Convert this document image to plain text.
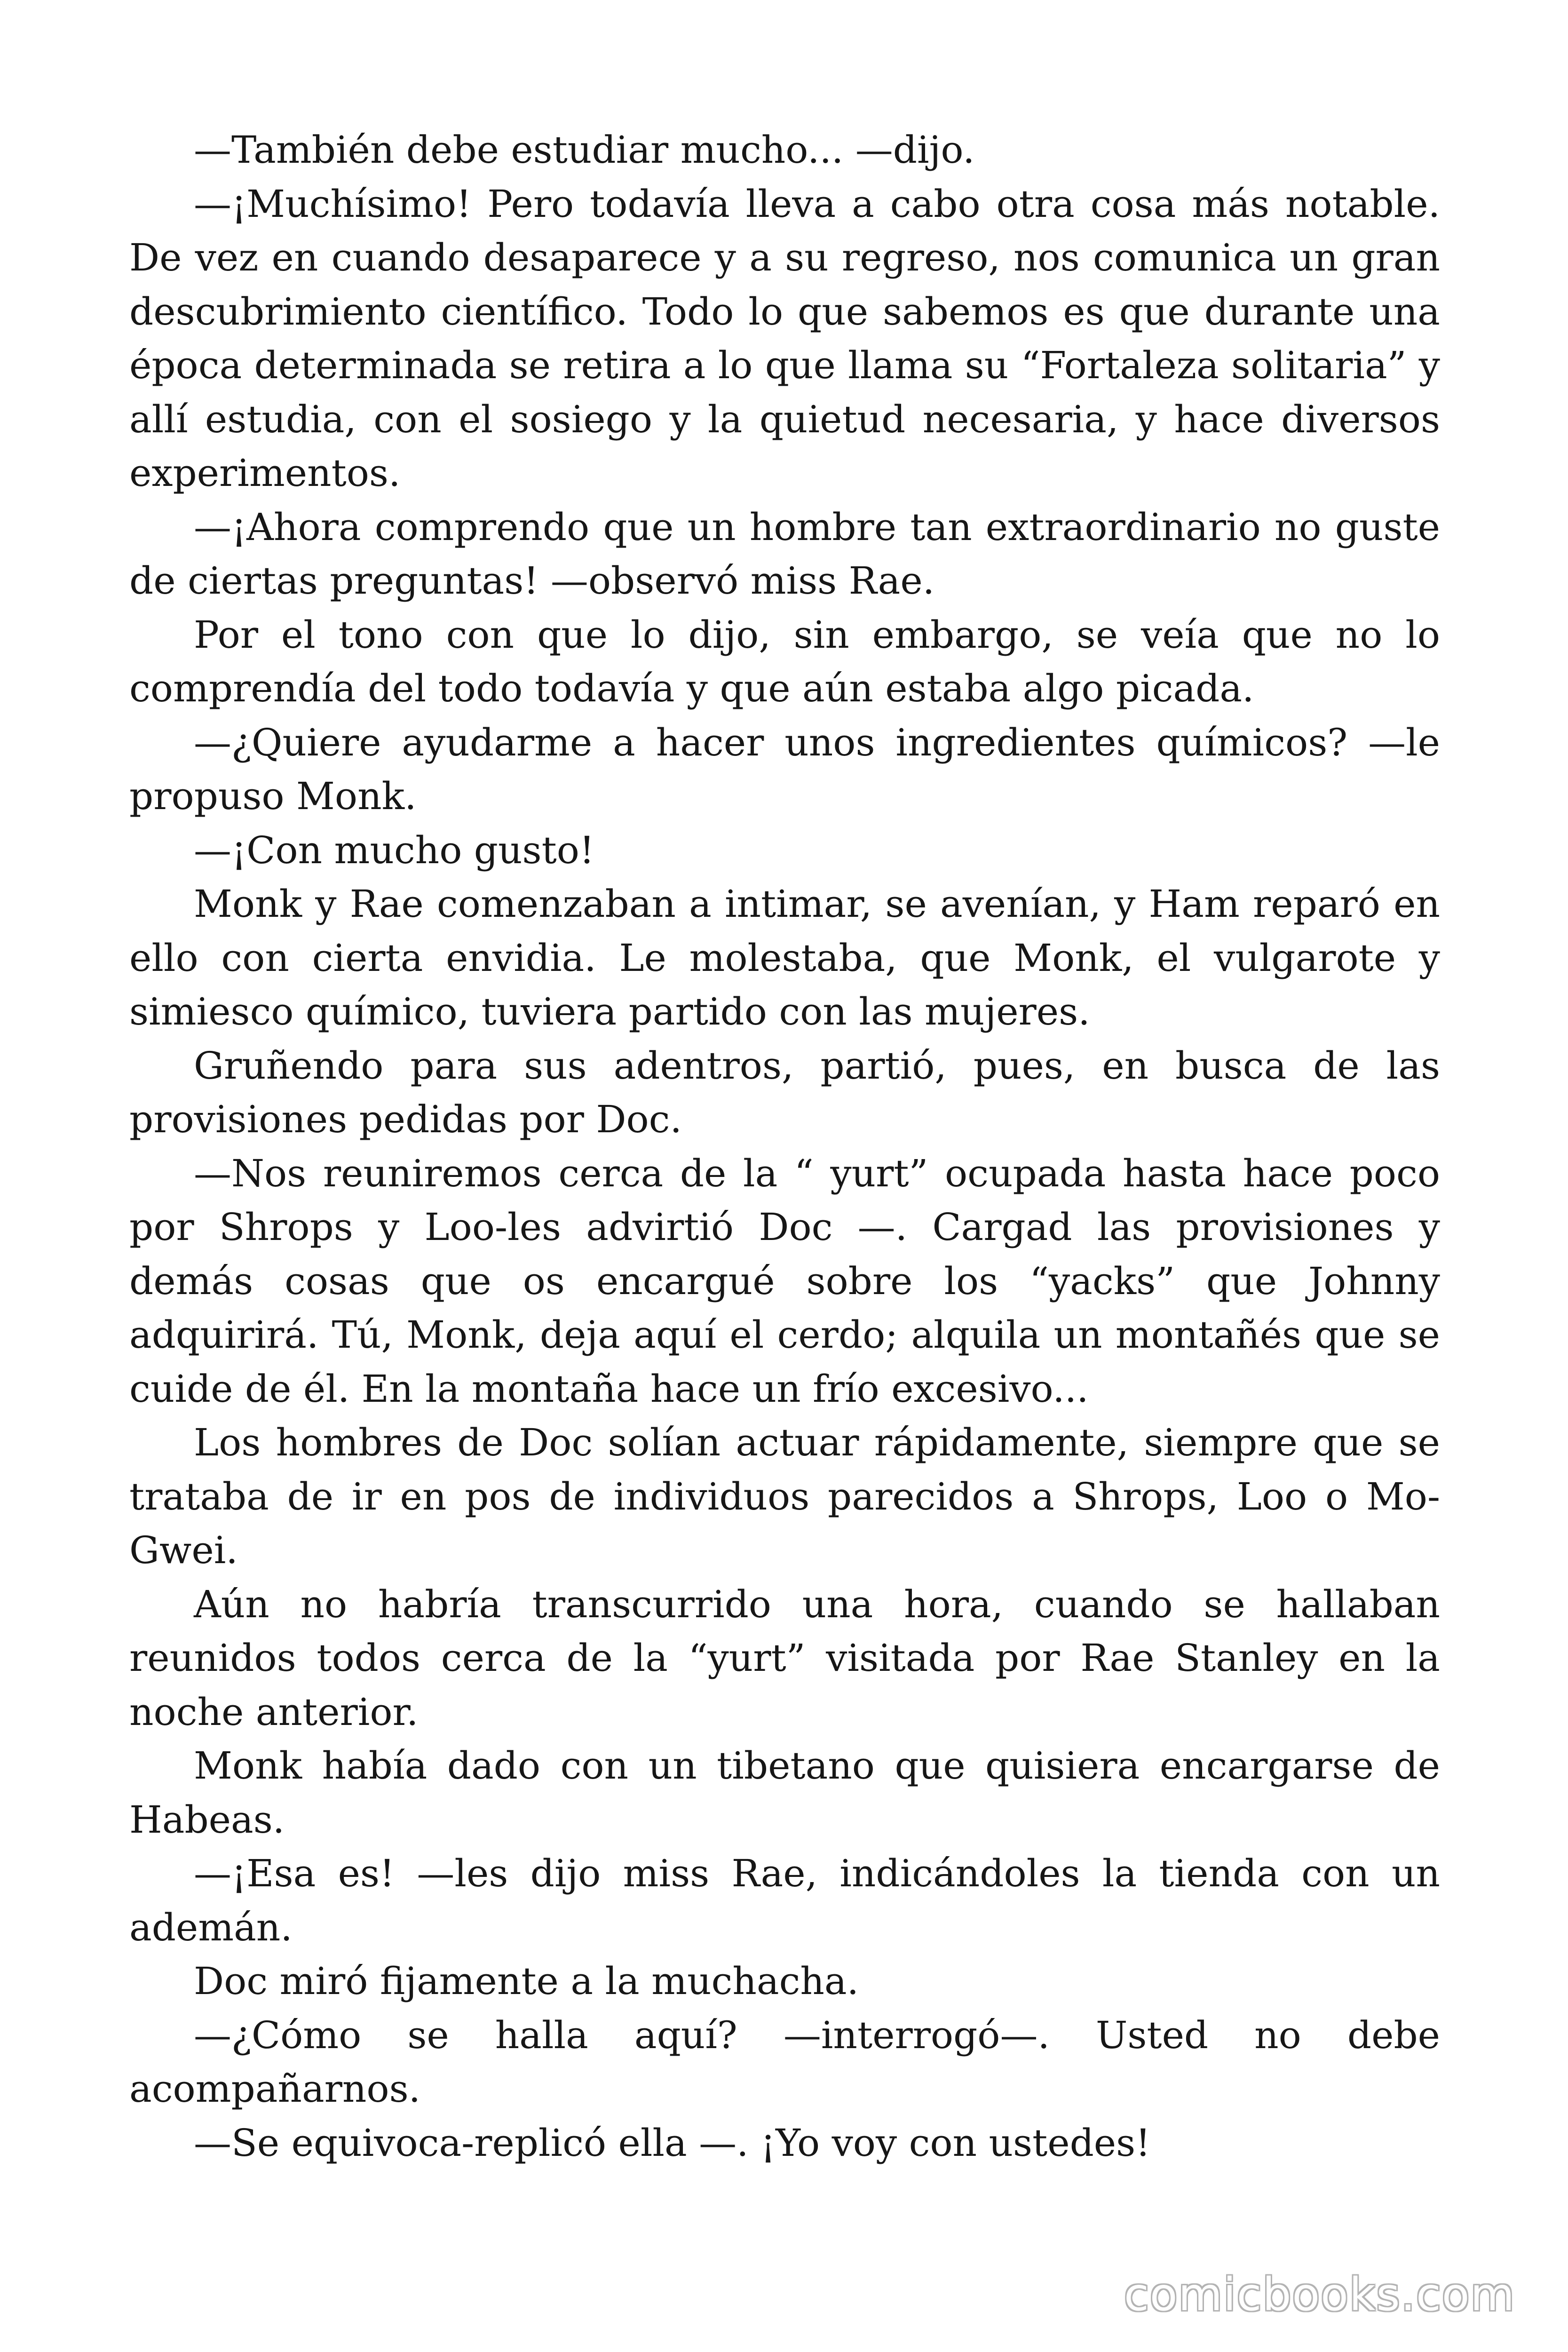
—También debe estudiar mucho... —dijo.

—¡Muchísimo! Pero todavía lleva a cabo otra cosa más notable. De vez en cuando desaparece y a su regreso, nos comunica un gran descubrimiento científico. Todo lo que sabemos es que durante una época determinada se retira a lo que llama su “Fortaleza solitaria” y allí estudia, con el sosiego y la quietud necesaria, y hace diversos experimentos.

—¡Ahora comprendo que un hombre tan extraordinario no guste de ciertas preguntas! —observó miss Rae.

Por el tono con que lo dijo, sin embargo, se veía que no lo comprendía del todo todavía y que aún estaba algo picada.

—¿Quiere ayudarme a hacer unos ingredientes químicos? —le propuso Monk.

—¡Con mucho gusto!

Monk y Rae comenzaban a intimar, se avenían, y Ham reparó en ello con cierta envidia. Le molestaba, que Monk, el vulgarote y simiesco químico, tuviera partido con las mujeres.

Gruñendo para sus adentros, partió, pues, en busca de las provisiones pedidas por Doc.

—Nos reuniremos cerca de la “ yurt” ocupada hasta hace poco por Shrops y Loo-les advirtió Doc —. Cargad las provisiones y demás cosas que os encargué sobre los “yacks” que Johnny adquirirá. Tú, Monk, deja aquí el cerdo; alquila un montañés que se cuide de él. En la montaña hace un frío excesivo...

Los hombres de Doc solían actuar rápidamente, siempre que se trataba de ir en pos de individuos parecidos a Shrops, Loo o Mo-Gwei.

Aún no habría transcurrido una hora, cuando se hallaban reunidos todos cerca de la “yurt” visitada por Rae Stanley en la noche anterior.

Monk había dado con un tibetano que quisiera encargarse de Habeas.

—¡Esa es! —les dijo miss Rae, indicándoles la tienda con un ademán.

Doc miró fijamente a la muchacha.

—¿Cómo se halla aquí? —interrogó—. Usted no debe acompañarnos.

—Se equivoca-replicó ella —. ¡Yo voy con ustedes!

comicbooks.com
